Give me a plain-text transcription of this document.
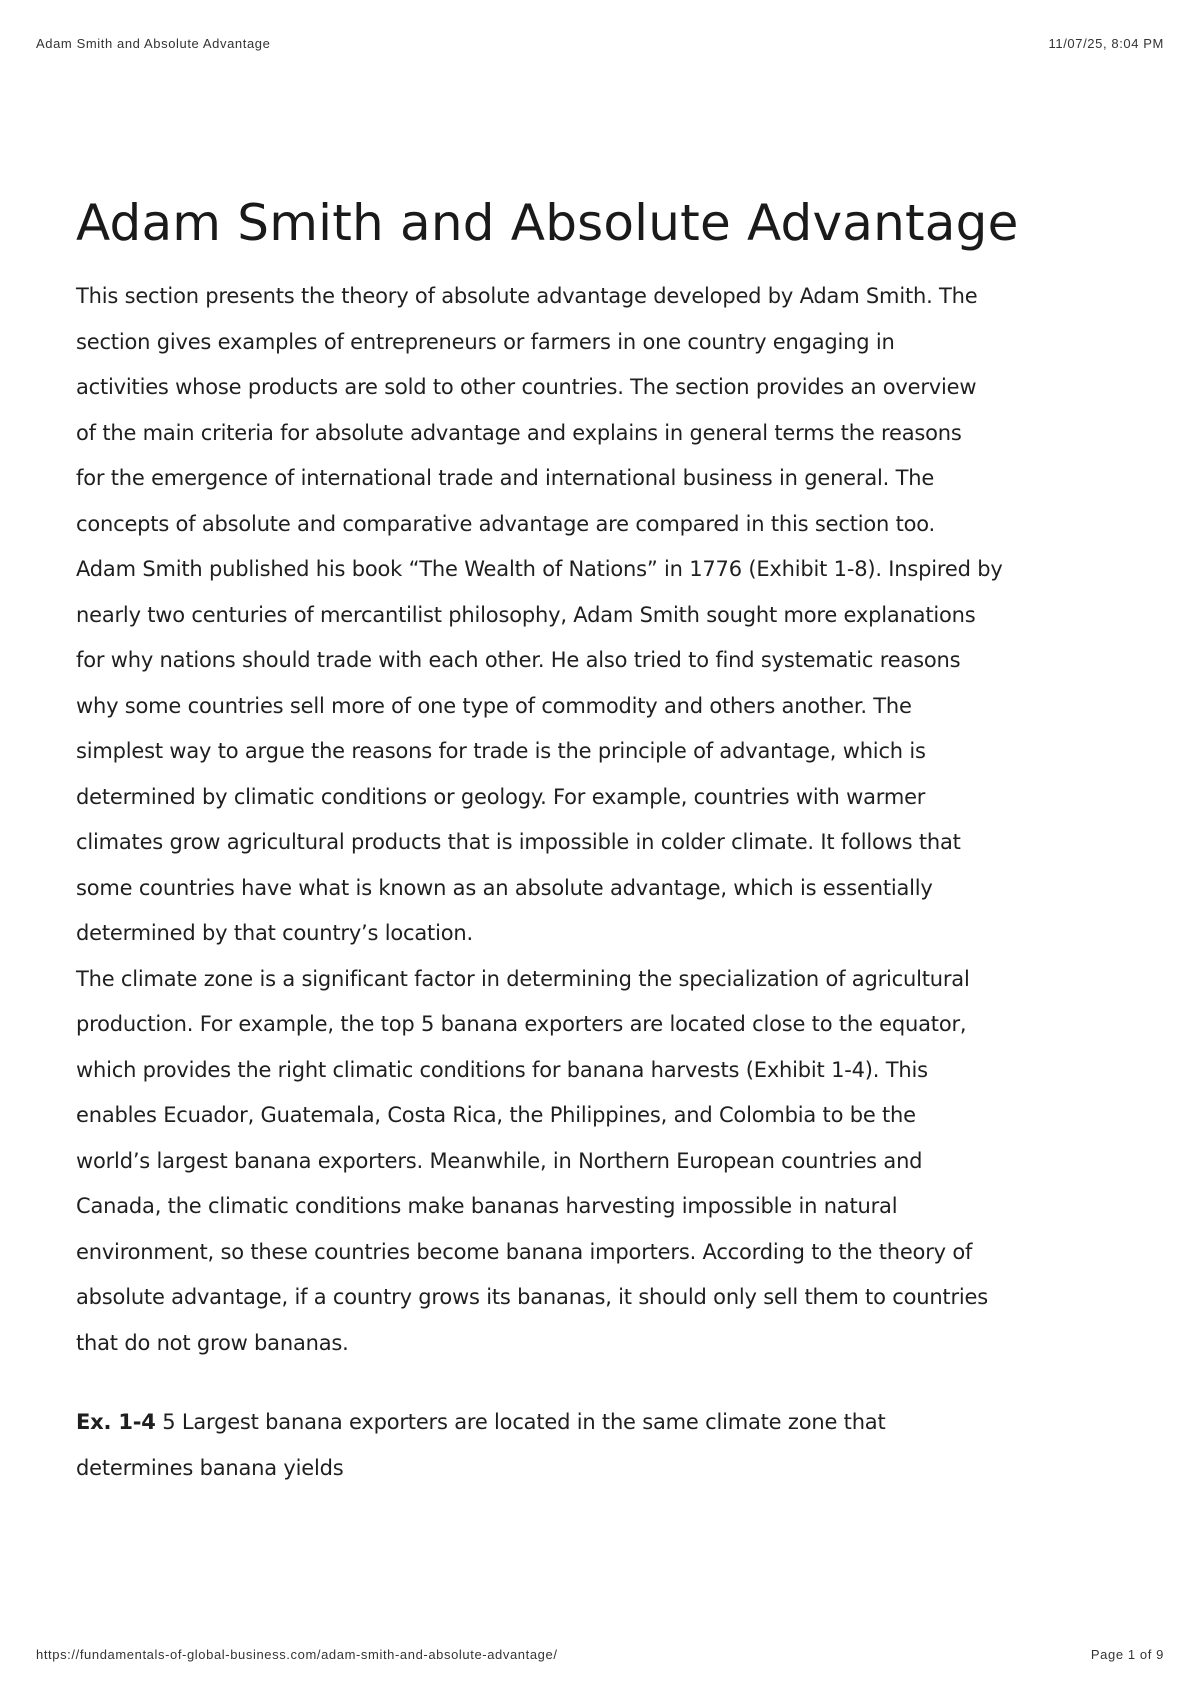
Adam Smith and Absolute Advantage	11/07/25, 8:04 PM
Adam Smith and Absolute Advantage

This section presents the theory of absolute advantage developed by Adam Smith. The
section gives examples of entrepreneurs or farmers in one country engaging in
activities whose products are sold to other countries. The section provides an overview
of the main criteria for absolute advantage and explains in general terms the reasons
for the emergence of international trade and international business in general. The
concepts of absolute and comparative advantage are compared in this section too.
Adam Smith published his book “The Wealth of Nations” in 1776 (Exhibit 1-8). Inspired by
nearly two centuries of mercantilist philosophy, Adam Smith sought more explanations
for why nations should trade with each other. He also tried to find systematic reasons
why some countries sell more of one type of commodity and others another. The
simplest way to argue the reasons for trade is the principle of advantage, which is
determined by climatic conditions or geology. For example, countries with warmer
climates grow agricultural products that is impossible in colder climate. It follows that
some countries have what is known as an absolute advantage, which is essentially
determined by that country’s location.

The climate zone is a significant factor in determining the specialization of agricultural
production. For example, the top 5 banana exporters are located close to the equator,
which provides the right climatic conditions for banana harvests (Exhibit 1-4). This
enables Ecuador, Guatemala, Costa Rica, the Philippines, and Colombia to be the
world’s largest banana exporters. Meanwhile, in Northern European countries and
Canada, the climatic conditions make bananas harvesting impossible in natural
environment, so these countries become banana importers. According to the theory of
absolute advantage, if a country grows its bananas, it should only sell them to countries
that do not grow bananas.

Ex. 1-4 5 Largest banana exporters are located in the same climate zone that
determines banana yields

https://fundamentals-of-global-business.com/adam-smith-and-absolute-advantage/	Page 1 of 9
